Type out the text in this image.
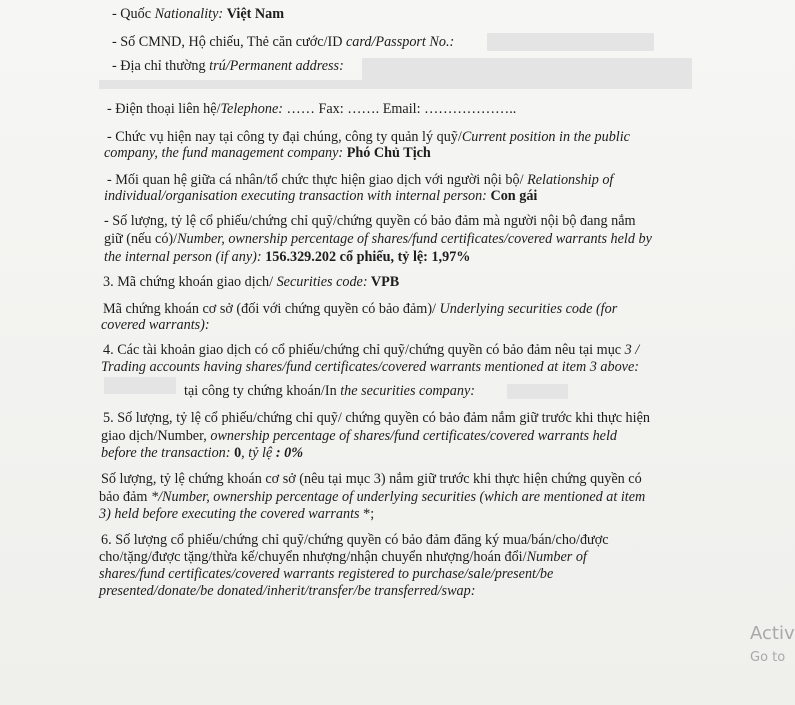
- Quốc Nationality: Việt Nam
- Số CMND, Hộ chiếu, Thẻ căn cước/ID card/Passport No.:
- Địa chỉ thường trú/Permanent address:
- Điện thoại liên hệ/Telephone: …… Fax: ……. Email: ………………..
- Chức vụ hiện nay tại công ty đại chúng, công ty quản lý quỹ/Current position in the public
company, the fund management company: Phó Chủ Tịch
- Mối quan hệ giữa cá nhân/tổ chức thực hiện giao dịch với người nội bộ/ Relationship of
individual/organisation executing transaction with internal person: Con gái
- Số lượng, tỷ lệ cổ phiếu/chứng chỉ quỹ/chứng quyền có bảo đảm mà người nội bộ đang nắm
giữ (nếu có)/Number, ownership percentage of shares/fund certificates/covered warrants held by
the internal person (if any): 156.329.202 cổ phiếu, tỷ lệ: 1,97%
3. Mã chứng khoán giao dịch/ Securities code: VPB
Mã chứng khoán cơ sở (đối với chứng quyền có bảo đảm)/ Underlying securities code (for
covered warrants):
4. Các tài khoản giao dịch có cổ phiếu/chứng chỉ quỹ/chứng quyền có bảo đảm nêu tại mục 3 /
Trading accounts having shares/fund certificates/covered warrants mentioned at item 3 above:
tại công ty chứng khoán/In the securities company:
5. Số lượng, tỷ lệ cổ phiếu/chứng chỉ quỹ/ chứng quyền có bảo đảm nắm giữ trước khi thực hiện
giao dịch/Number, ownership percentage of shares/fund certificates/covered warrants held
before the transaction: 0, tỷ lệ : 0%
Số lượng, tỷ lệ chứng khoán cơ sở (nêu tại mục 3) nắm giữ trước khi thực hiện chứng quyền có
bảo đảm */Number, ownership percentage of underlying securities (which are mentioned at item
3) held before executing the covered warrants *;
6. Số lượng cổ phiếu/chứng chỉ quỹ/chứng quyền có bảo đảm đăng ký mua/bán/cho/được
cho/tặng/được tặng/thừa kế/chuyển nhượng/nhận chuyển nhượng/hoán đổi/Number of
shares/fund certificates/covered warrants registered to purchase/sale/present/be
presented/donate/be donated/inherit/transfer/be transferred/swap:
Activ
Go to
